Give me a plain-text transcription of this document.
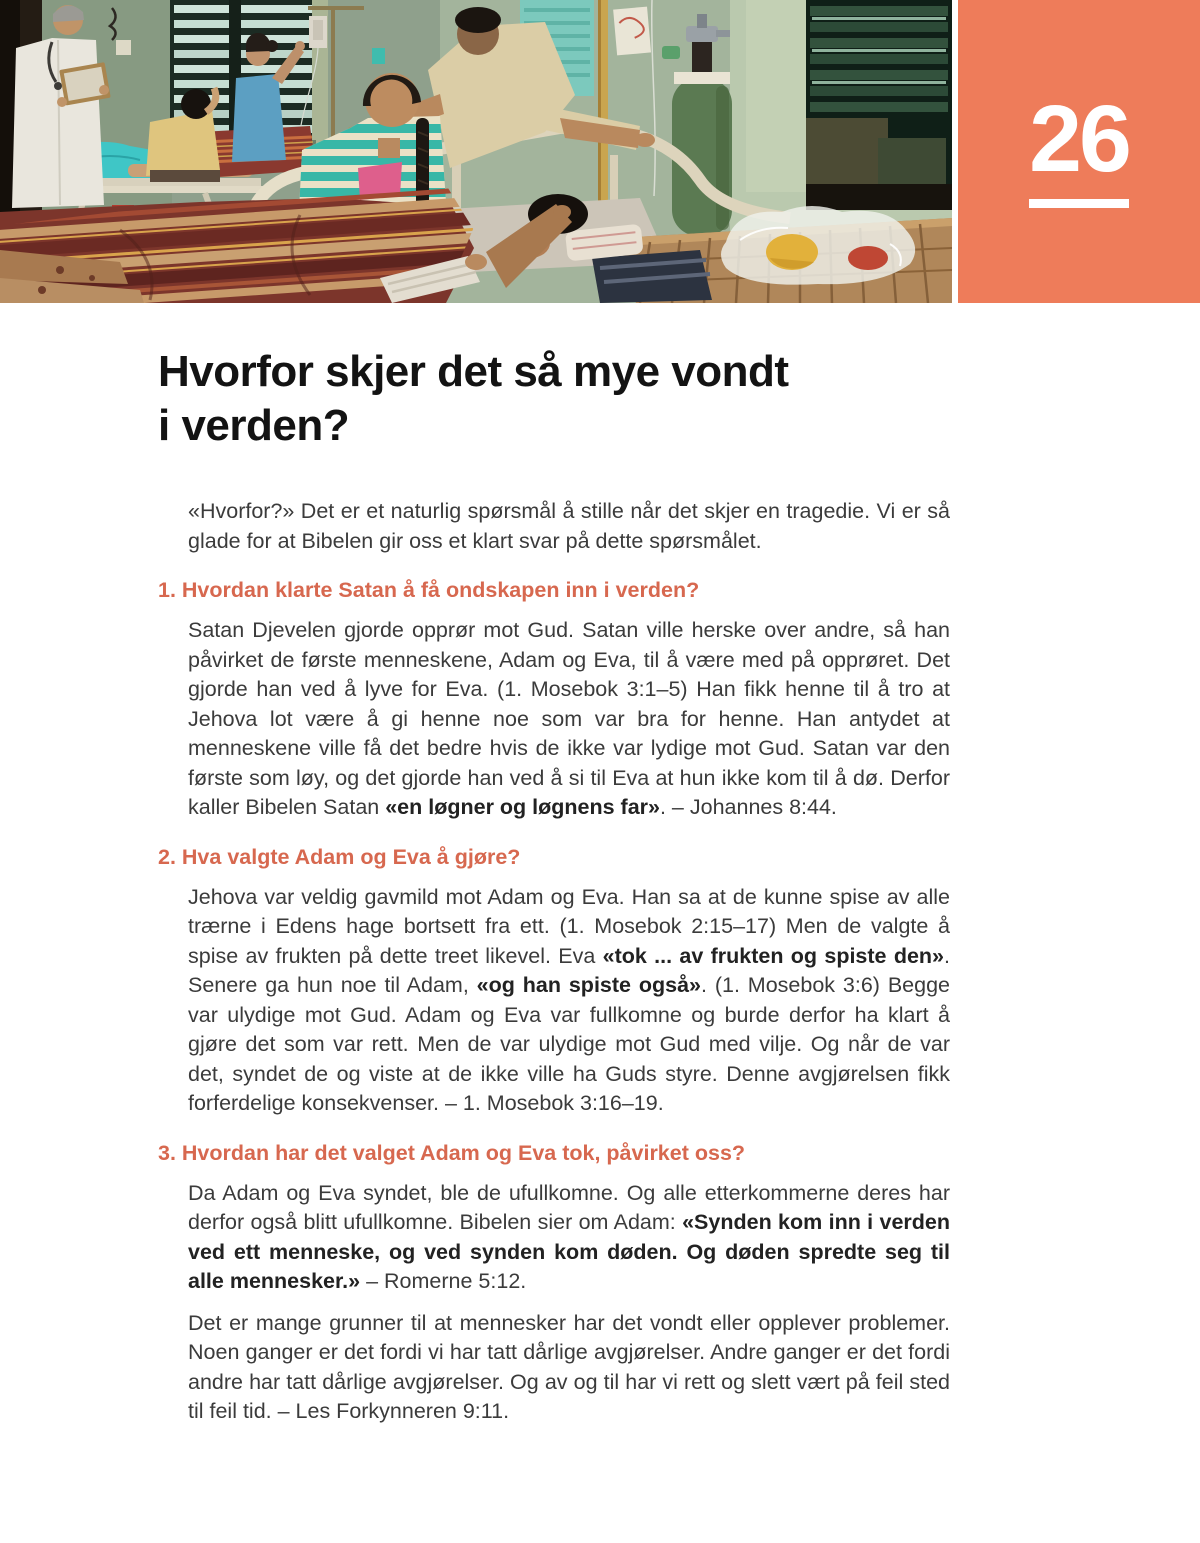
26
Hvorfor skjer det så mye vondt
i verden?

«Hvorfor?» Det er et naturlig spørsmål å stille når det skjer en tragedie. Vi er så glade for at Bibelen gir oss et klart svar på dette spørsmålet.

1. Hvordan klarte Satan å få ondskapen inn i verden?

Satan Djevelen gjorde opprør mot Gud. Satan ville herske over andre, så han påvirket de første menneskene, Adam og Eva, til å være med på opprøret. Det gjorde han ved å lyve for Eva. (1. Mosebok 3:1–5) Han fikk henne til å tro at Jehova lot være å gi henne noe som var bra for henne. Han antydet at menneskene ville få det bedre hvis de ikke var lydige mot Gud. Satan var den første som løy, og det gjorde han ved å si til Eva at hun ikke kom til å dø. Derfor kaller Bibelen Satan «en løgner og løgnens far». – Johannes 8:44.

2. Hva valgte Adam og Eva å gjøre?

Jehova var veldig gavmild mot Adam og Eva. Han sa at de kunne spise av alle trærne i Edens hage bortsett fra ett. (1. Mosebok 2:15–17) Men de valgte å spise av frukten på dette treet likevel. Eva «tok ... av frukten og spiste den». Senere ga hun noe til Adam, «og han spiste også». (1. Mosebok 3:6) Begge var ulydige mot Gud. Adam og Eva var fullkomne og burde derfor ha klart å gjøre det som var rett. Men de var ulydige mot Gud med vilje. Og når de var det, syndet de og viste at de ikke ville ha Guds styre. Denne avgjørelsen fikk forferdelige konsekvenser. – 1. Mosebok 3:16–19.

3. Hvordan har det valget Adam og Eva tok, påvirket oss?

Da Adam og Eva syndet, ble de ufullkomne. Og alle etterkommerne deres har derfor også blitt ufullkomne. Bibelen sier om Adam: «Synden kom inn i verden ved ett menneske, og ved synden kom døden. Og døden spredte seg til alle mennesker.» – Romerne 5:12.

Det er mange grunner til at mennesker har det vondt eller opplever problemer. Noen ganger er det fordi vi har tatt dårlige avgjørelser. Andre ganger er det fordi andre har tatt dårlige avgjørelser. Og av og til har vi rett og slett vært på feil sted til feil tid. – Les Forkynneren 9:11.
